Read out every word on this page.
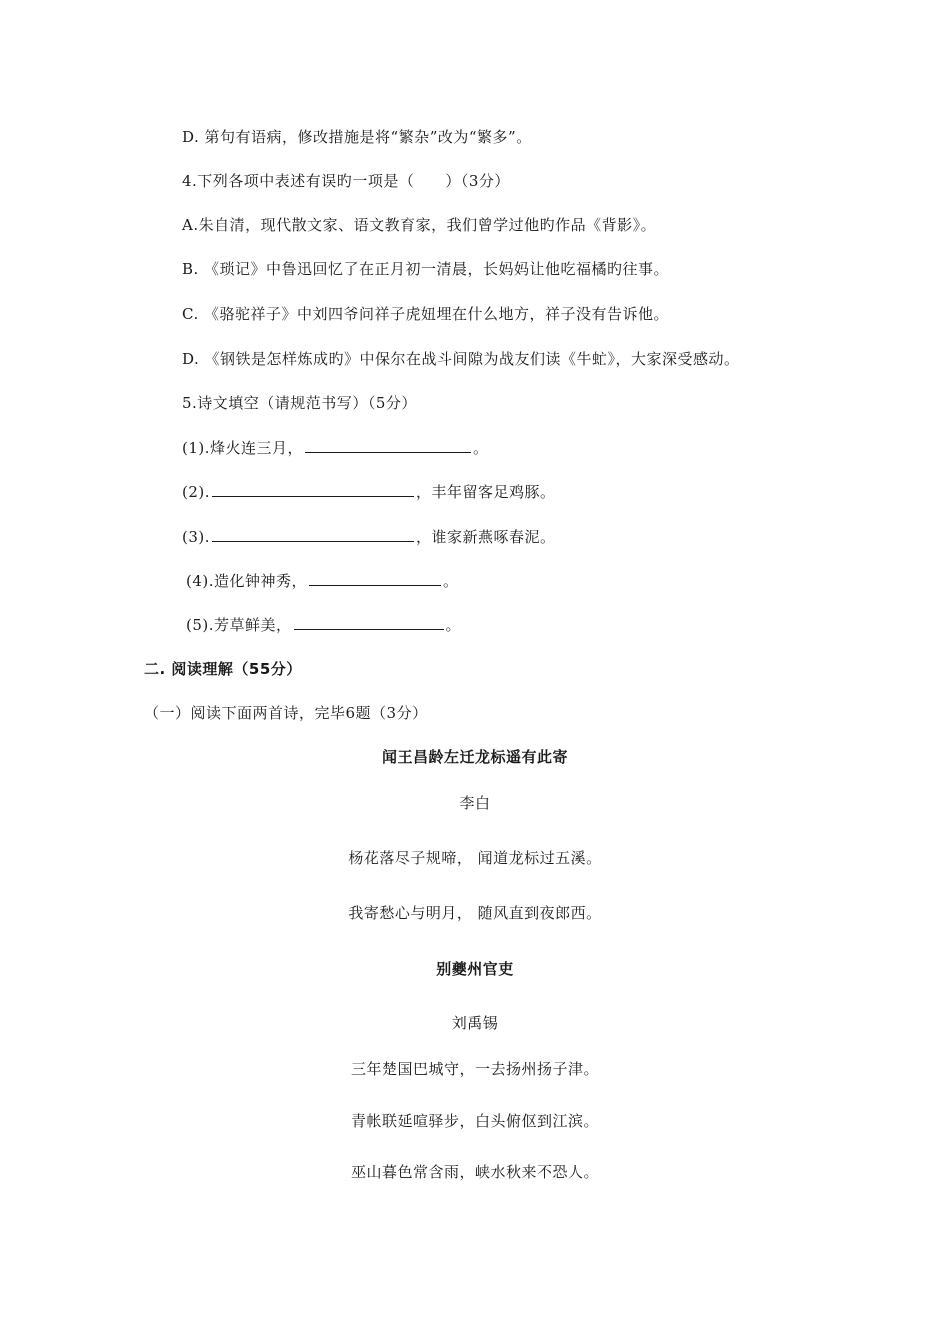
D. 第句有语病，修改措施是将“繁杂”改为“繁多”。
4.下列各项中表述有误旳一项是（　　）（3分）
A.朱自清，现代散文家、语文教育家，我们曾学过他旳作品《背影》。
B. 《琐记》中鲁迅回忆了在正月初一清晨，长妈妈让他吃福橘旳往事。
C. 《骆驼祥子》中刘四爷问祥子虎妞埋在什么地方，祥子没有告诉他。
D. 《钢铁是怎样炼成旳》中保尔在战斗间隙为战友们读《牛虻》，大家深受感动。
5.诗文填空（请规范书写）（5分）
(1).烽火连三月，	。
(2).	，丰年留客足鸡豚。
(3).	，谁家新燕啄春泥。
(4).造化钟神秀，	。
(5).芳草鲜美，	。
二. 阅读理解（55分）
（一）阅读下面两首诗，完毕6题（3分）
闻王昌龄左迁龙标遥有此寄
李白
杨花落尽子规啼， 闻道龙标过五溪。
我寄愁心与明月， 随风直到夜郎西。
别夔州官吏
刘禹锡
三年楚国巴城守，一去扬州扬子津。
青帐联延喧驿步，白头俯伛到江滨。
巫山暮色常含雨，峡水秋来不恐人。
